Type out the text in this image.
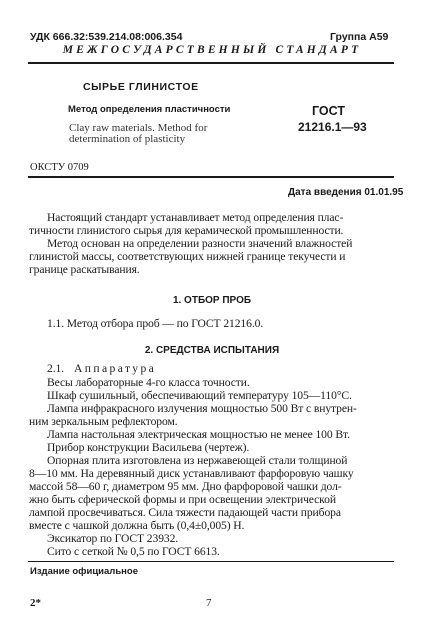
УДК 666.32:539.214.08:006.354	Группа А59
МЕЖГОСУДАРСТВЕННЫЙ СТАНДАРТ
СЫРЬЕ ГЛИНИСТОЕ
Метод определения пластичности
Clay raw materials. Method for
determination of plasticity
ГОСТ
21216.1—93
ОКСТУ 0709
Дата введения 01.01.95
Настоящий стандарт устанавливает метод определения плас-
тичности глинистого сырья для керамической промышленности.
Метод основан на определении разности значений влажностей
глинистой массы, соответствующих нижней границе текучести и
границе раскатывания.
1. ОТБОР ПРОБ
1.1. Метод отбора проб — по ГОСТ 21216.0.
2. СРЕДСТВА ИСПЫТАНИЯ
2.1. Аппаратура
Весы лабораторные 4-го класса точности.
Шкаф сушильный, обеспечивающий температуру 105—110°С.
Лампа инфракрасного излучения мощностью 500 Вт с внутрен-
ним зеркальным рефлектором.
Лампа настольная электрическая мощностью не менее 100 Вт.
Прибор конструкции Васильева (чертеж).
Опорная плита изготовлена из нержавеющей стали толщиной
8—10 мм. На деревянный диск устанавливают фарфоровую чашку
массой 58—60 г, диаметром 95 мм. Дно фарфоровой чашки дол-
жно быть сферической формы и при освещении электрической
лампой просвечиваться. Сила тяжести падающей части прибора
вместе с чашкой должна быть (0,4±0,005) Н.
Эксикатор по ГОСТ 23932.
Сито с сеткой № 0,5 по ГОСТ 6613.
Издание официальное
2*	7
